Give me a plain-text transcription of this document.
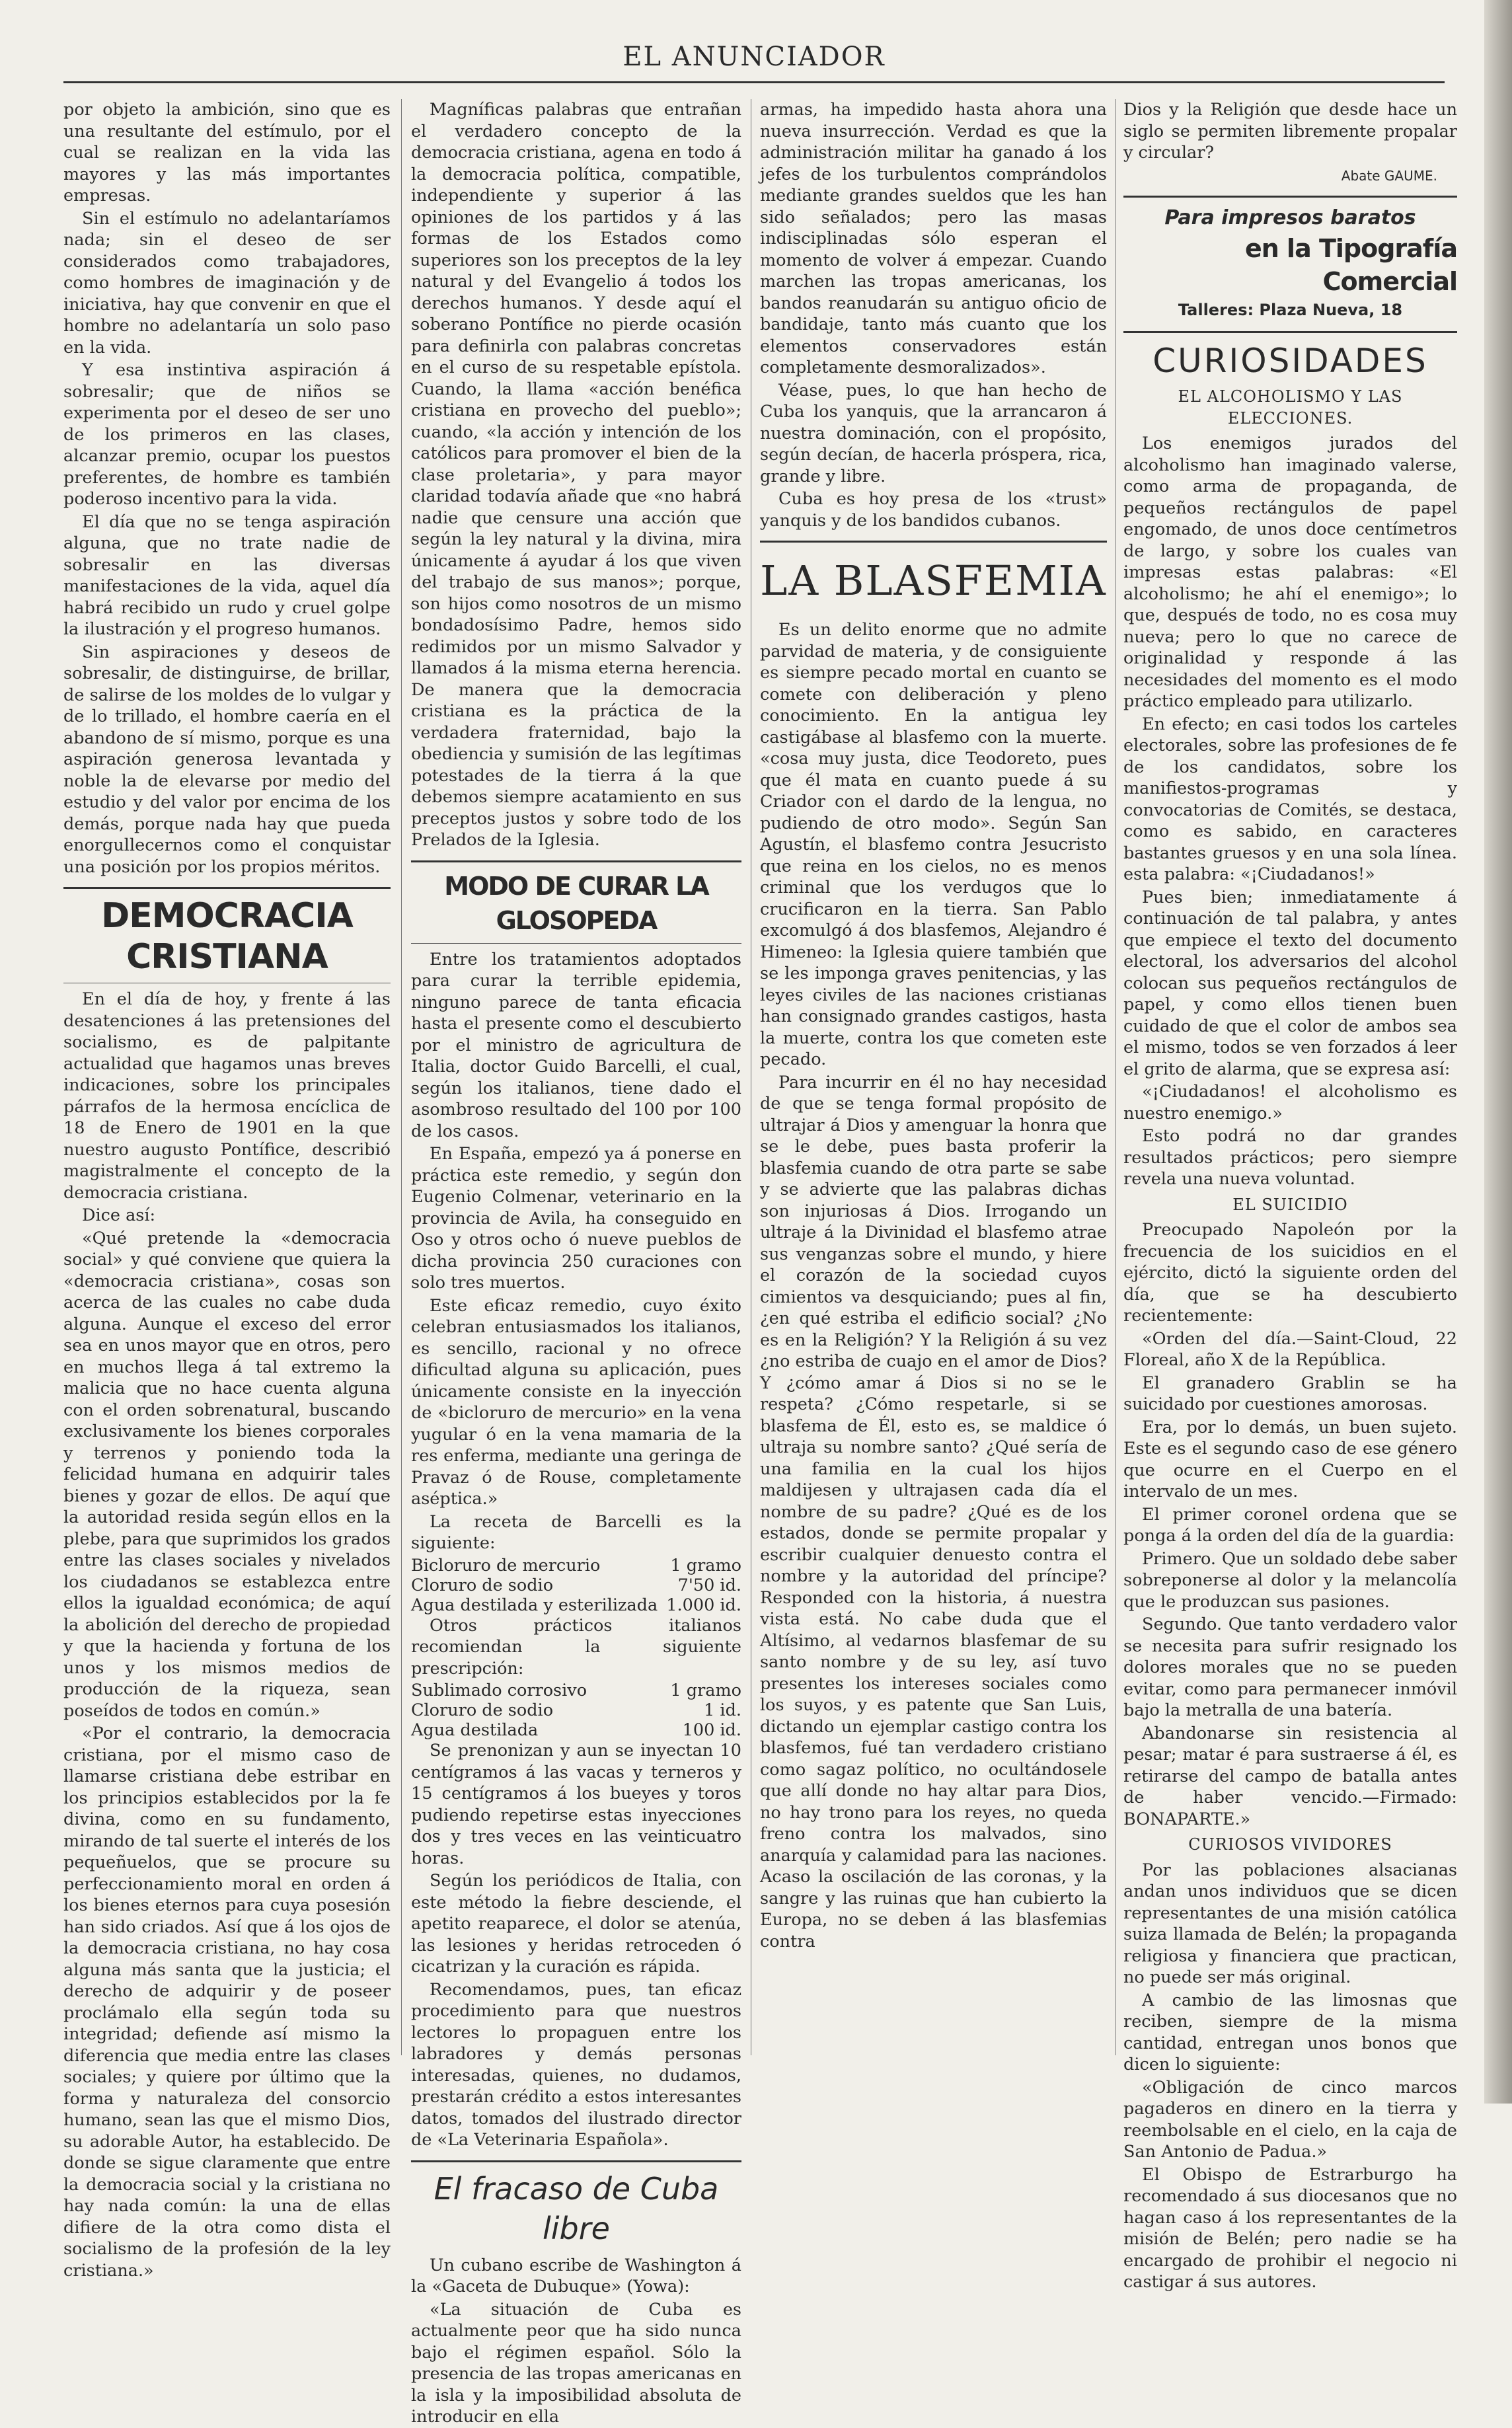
EL ANUNCIADOR

por objeto la ambición, sino que es una resultante del estímulo, por el cual se realizan en la vida las mayores y las más importantes empresas.

Sin el estímulo no adelantaríamos nada; sin el deseo de ser considerados como trabajadores, como hombres de imaginación y de iniciativa, hay que convenir en que el hombre no adelantaría un solo paso en la vida.

Y esa instintiva aspiración á sobresalir; que de niños se experimenta por el deseo de ser uno de los primeros en las clases, alcanzar premio, ocupar los puestos preferentes, de hombre es también poderoso incentivo para la vida.

El día que no se tenga aspiración alguna, que no trate nadie de sobresalir en las diversas manifestaciones de la vida, aquel día habrá recibido un rudo y cruel golpe la ilustración y el progreso humanos.

Sin aspiraciones y deseos de sobresalir, de distinguirse, de brillar, de salirse de los moldes de lo vulgar y de lo trillado, el hombre caería en el abandono de sí mismo, porque es una aspiración generosa levantada y noble la de elevarse por medio del estudio y del valor por encima de los demás, porque nada hay que pueda enorgullecernos como el conquistar una posición por los propios méritos.

DEMOCRACIA CRISTIANA

En el día de hoy, y frente á las desatenciones á las pretensiones del socialismo, es de palpitante actualidad que hagamos unas breves indicaciones, sobre los principales párrafos de la hermosa encíclica de 18 de Enero de 1901 en la que nuestro augusto Pontífice, describió magistralmente el concepto de la democracia cristiana.

Dice así:

«Qué pretende la «democracia social» y qué conviene que quiera la «democracia cristiana», cosas son acerca de las cuales no cabe duda alguna. Aunque el exceso del error sea en unos mayor que en otros, pero en muchos llega á tal extremo la malicia que no hace cuenta alguna con el orden sobrenatural, buscando exclusivamente los bienes corporales y terrenos y poniendo toda la felicidad humana en adquirir tales bienes y gozar de ellos. De aquí que la autoridad resida según ellos en la plebe, para que suprimidos los grados entre las clases sociales y nivelados los ciudadanos se establezca entre ellos la igualdad económica; de aquí la abolición del derecho de propiedad y que la hacienda y fortuna de los unos y los mismos medios de producción de la riqueza, sean poseídos de todos en común.»

«Por el contrario, la democracia cristiana, por el mismo caso de llamarse cristiana debe estribar en los principios establecidos por la fe divina, como en su fundamento, mirando de tal suerte el interés de los pequeñuelos, que se procure su perfeccionamiento moral en orden á los bienes eternos para cuya posesión han sido criados. Así que á los ojos de la democracia cristiana, no hay cosa alguna más santa que la justicia; el derecho de adquirir y de poseer proclámalo ella según toda su integridad; defiende así mismo la diferencia que media entre las clases sociales; y quiere por último que la forma y naturaleza del consorcio humano, sean las que el mismo Dios, su adorable Autor, ha establecido. De donde se sigue claramente que entre la democracia social y la cristiana no hay nada común: la una de ellas difiere de la otra como dista el socialismo de la profesión de la ley cristiana.»

Magníficas palabras que entrañan el verdadero concepto de la democracia cristiana, agena en todo á la democracia política, compatible, independiente y superior á las opiniones de los partidos y á las formas de los Estados como superiores son los preceptos de la ley natural y del Evangelio á todos los derechos humanos. Y desde aquí el soberano Pontífice no pierde ocasión para definirla con palabras concretas en el curso de su respetable epístola. Cuando, la llama «acción benéfica cristiana en provecho del pueblo»; cuando, «la acción y intención de los católicos para promover el bien de la clase proletaria», y para mayor claridad todavía añade que «no habrá nadie que censure una acción que según la ley natural y la divina, mira únicamente á ayudar á los que viven del trabajo de sus manos»; porque, son hijos como nosotros de un mismo bondadosísimo Padre, hemos sido redimidos por un mismo Salvador y llamados á la misma eterna herencia. De manera que la democracia cristiana es la práctica de la verdadera fraternidad, bajo la obediencia y sumisión de las legítimas potestades de la tierra á la que debemos siempre acatamiento en sus preceptos justos y sobre todo de los Prelados de la Iglesia.

MODO DE CURAR LA GLOSOPEDA

Entre los tratamientos adoptados para curar la terrible epidemia, ninguno parece de tanta eficacia hasta el presente como el descubierto por el ministro de agricultura de Italia, doctor Guido Barcelli, el cual, según los italianos, tiene dado el asombroso resultado del 100 por 100 de los casos.

En España, empezó ya á ponerse en práctica este remedio, y según don Eugenio Colmenar, veterinario en la provincia de Avila, ha conseguido en Oso y otros ocho ó nueve pueblos de dicha provincia 250 curaciones con solo tres muertos.

Este eficaz remedio, cuyo éxito celebran entusiasmados los italianos, es sencillo, racional y no ofrece dificultad alguna su aplicación, pues únicamente consiste en la inyección de «bicloruro de mercurio» en la vena yugular ó en la vena mamaria de la res enferma, mediante una geringa de Pravaz ó de Rouse, completamente aséptica.»

La receta de Barcelli es la siguiente:

Bicloruro de mercurio	1 gramo
Cloruro de sodio	7'50 id.
Agua destilada y esterilizada	1.000 id.

Otros prácticos italianos recomiendan la siguiente prescripción:

Sublimado corrosivo	1 gramo
Cloruro de sodio	1 id.
Agua destilada	100 id.

Se prenonizan y aun se inyectan 10 centígramos á las vacas y terneros y 15 centígramos á los bueyes y toros pudiendo repetirse estas inyecciones dos y tres veces en las veinticuatro horas.

Según los periódicos de Italia, con este método la fiebre desciende, el apetito reaparece, el dolor se atenúa, las lesiones y heridas retroceden ó cicatrizan y la curación es rápida.

Recomendamos, pues, tan eficaz procedimiento para que nuestros lectores lo propaguen entre los labradores y demás personas interesadas, quienes, no dudamos, prestarán crédito a estos interesantes datos, tomados del ilustrado director de «La Veterinaria Española».

El fracaso de Cuba libre

Un cubano escribe de Washington á la «Gaceta de Dubuque» (Yowa):

«La situación de Cuba es actualmente peor que ha sido nunca bajo el régimen español. Sólo la presencia de las tropas americanas en la isla y la imposibilidad absoluta de introducir en ella

armas, ha impedido hasta ahora una nueva insurrección. Verdad es que la administración militar ha ganado á los jefes de los turbulentos comprándolos mediante grandes sueldos que les han sido señalados; pero las masas indisciplinadas sólo esperan el momento de volver á empezar. Cuando marchen las tropas americanas, los bandos reanudarán su antiguo oficio de bandidaje, tanto más cuanto que los elementos conservadores están completamente desmoralizados».

Véase, pues, lo que han hecho de Cuba los yanquis, que la arrancaron á nuestra dominación, con el propósito, según decían, de hacerla próspera, rica, grande y libre.

Cuba es hoy presa de los «trust» yanquis y de los bandidos cubanos.

LA BLASFEMIA

Es un delito enorme que no admite parvidad de materia, y de consiguiente es siempre pecado mortal en cuanto se comete con deliberación y pleno conocimiento. En la antigua ley castigábase al blasfemo con la muerte. «cosa muy justa, dice Teodoreto, pues que él mata en cuanto puede á su Criador con el dardo de la lengua, no pudiendo de otro modo». Según San Agustín, el blasfemo contra Jesucristo que reina en los cielos, no es menos criminal que los verdugos que lo crucificaron en la tierra. San Pablo excomulgó á dos blasfemos, Alejandro é Himeneo: la Iglesia quiere también que se les imponga graves penitencias, y las leyes civiles de las naciones cristianas han consignado grandes castigos, hasta la muerte, contra los que cometen este pecado.

Para incurrir en él no hay necesidad de que se tenga formal propósito de ultrajar á Dios y amenguar la honra que se le debe, pues basta proferir la blasfemia cuando de otra parte se sabe y se advierte que las palabras dichas son injuriosas á Dios. Irrogando un ultraje á la Divinidad el blasfemo atrae sus venganzas sobre el mundo, y hiere el corazón de la sociedad cuyos cimientos va desquiciando; pues al fin, ¿en qué estriba el edificio social? ¿No es en la Religión? Y la Religión á su vez ¿no estriba de cuajo en el amor de Dios? Y ¿cómo amar á Dios si no se le respeta? ¿Cómo respetarle, si se blasfema de Él, esto es, se maldice ó ultraja su nombre santo? ¿Qué sería de una familia en la cual los hijos maldijesen y ultrajasen cada día el nombre de su padre? ¿Qué es de los estados, donde se permite propalar y escribir cualquier denuesto contra el nombre y la autoridad del príncipe? Responded con la historia, á nuestra vista está. No cabe duda que el Altísimo, al vedarnos blasfemar de su santo nombre y de su ley, así tuvo presentes los intereses sociales como los suyos, y es patente que San Luis, dictando un ejemplar castigo contra los blasfemos, fué tan verdadero cristiano como sagaz político, no ocultándosele que allí donde no hay altar para Dios, no hay trono para los reyes, no queda freno contra los malvados, sino anarquía y calamidad para las naciones. Acaso la oscilación de las coronas, y la sangre y las ruinas que han cubierto la Europa, no se deben á las blasfemias contra

Dios y la Religión que desde hace un siglo se permiten libremente propalar y circular?

Abate GAUME.

Para impresos baratos
en la Tipografía Comercial
Talleres: Plaza Nueva, 18
CURIOSIDADES

EL ALCOHOLISMO Y LAS ELECCIONES.

Los enemigos jurados del alcoholismo han imaginado valerse, como arma de propaganda, de pequeños rectángulos de papel engomado, de unos doce centímetros de largo, y sobre los cuales van impresas estas palabras: «El alcoholismo; he ahí el enemigo»; lo que, después de todo, no es cosa muy nueva; pero lo que no carece de originalidad y responde á las necesidades del momento es el modo práctico empleado para utilizarlo.

En efecto; en casi todos los carteles electorales, sobre las profesiones de fe de los candidatos, sobre los manifiestos-programas y convocatorias de Comités, se destaca, como es sabido, en caracteres bastantes gruesos y en una sola línea. esta palabra: «¡Ciudadanos!»

Pues bien; inmediatamente á continuación de tal palabra, y antes que empiece el texto del documento electoral, los adversarios del alcohol colocan sus pequeños rectángulos de papel, y como ellos tienen buen cuidado de que el color de ambos sea el mismo, todos se ven forzados á leer el grito de alarma, que se expresa así:

«¡Ciudadanos! el alcoholismo es nuestro enemigo.»

Esto podrá no dar grandes resultados prácticos; pero siempre revela una nueva voluntad.

EL SUICIDIO

Preocupado Napoleón por la frecuencia de los suicidios en el ejército, dictó la siguiente orden del día, que se ha descubierto recientemente:

«Orden del día.—Saint-Cloud, 22 Floreal, año X de la República.

El granadero Grablin se ha suicidado por cuestiones amorosas.

Era, por lo demás, un buen sujeto. Este es el segundo caso de ese género que ocurre en el Cuerpo en el intervalo de un mes.

El primer coronel ordena que se ponga á la orden del día de la guardia:

Primero. Que un soldado debe saber sobreponerse al dolor y la melancolía que le produzcan sus pasiones.

Segundo. Que tanto verdadero valor se necesita para sufrir resignado los dolores morales que no se pueden evitar, como para permanecer inmóvil bajo la metralla de una batería.

Abandonarse sin resistencia al pesar; matar é para sustraerse á él, es retirarse del campo de batalla antes de haber vencido.—Firmado: BONAPARTE.»

CURIOSOS VIVIDORES

Por las poblaciones alsacianas andan unos individuos que se dicen representantes de una misión católica suiza llamada de Belén; la propaganda religiosa y financiera que practican, no puede ser más original.

A cambio de las limosnas que reciben, siempre de la misma cantidad, entregan unos bonos que dicen lo siguiente:

«Obligación de cinco marcos pagaderos en dinero en la tierra y reembolsable en el cielo, en la caja de San Antonio de Padua.»

El Obispo de Estrarburgo ha recomendado á sus diocesanos que no hagan caso á los representantes de la misión de Belén; pero nadie se ha encargado de prohibir el negocio ni castigar á sus autores.
